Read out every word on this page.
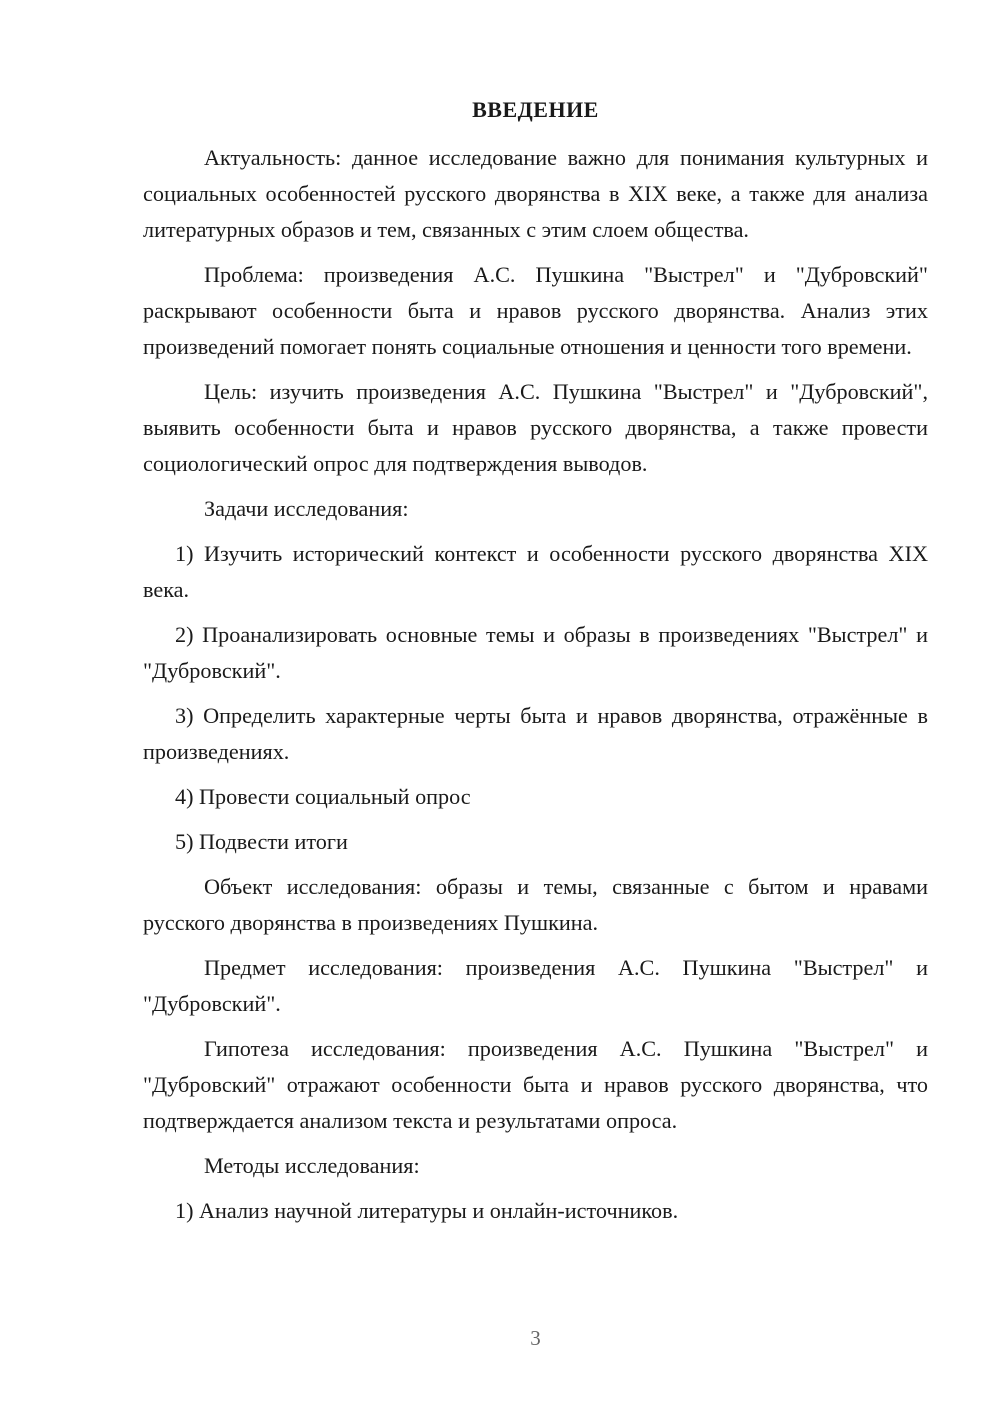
ВВЕДЕНИЕ

Актуальность: данное исследование важно для понимания культурных и социальных особенностей русского дворянства в XIX веке, а также для анализа литературных образов и тем, связанных с этим слоем общества.

Проблема: произведения А.С. Пушкина "Выстрел" и "Дубровский" раскрывают особенности быта и нравов русского дворянства. Анализ этих произведений помогает понять социальные отношения и ценности того времени.

Цель: изучить произведения А.С. Пушкина "Выстрел" и "Дубровский", выявить особенности быта и нравов русского дворянства, а также провести социологический опрос для подтверждения выводов.

Задачи исследования:

1) Изучить исторический контекст и особенности русского дворянства XIX века.

2) Проанализировать основные темы и образы в произведениях "Выстрел" и "Дубровский".

3) Определить характерные черты быта и нравов дворянства, отражённые в произведениях.

4) Провести социальный опрос

5) Подвести итоги

Объект исследования: образы и темы, связанные с бытом и нравами русского дворянства в произведениях Пушкина.

Предмет исследования: произведения А.С. Пушкина "Выстрел" и "Дубровский".

Гипотеза исследования: произведения А.С. Пушкина "Выстрел" и "Дубровский" отражают особенности быта и нравов русского дворянства, что подтверждается анализом текста и результатами опроса.

Методы исследования:

1) Анализ научной литературы и онлайн-источников.

3
